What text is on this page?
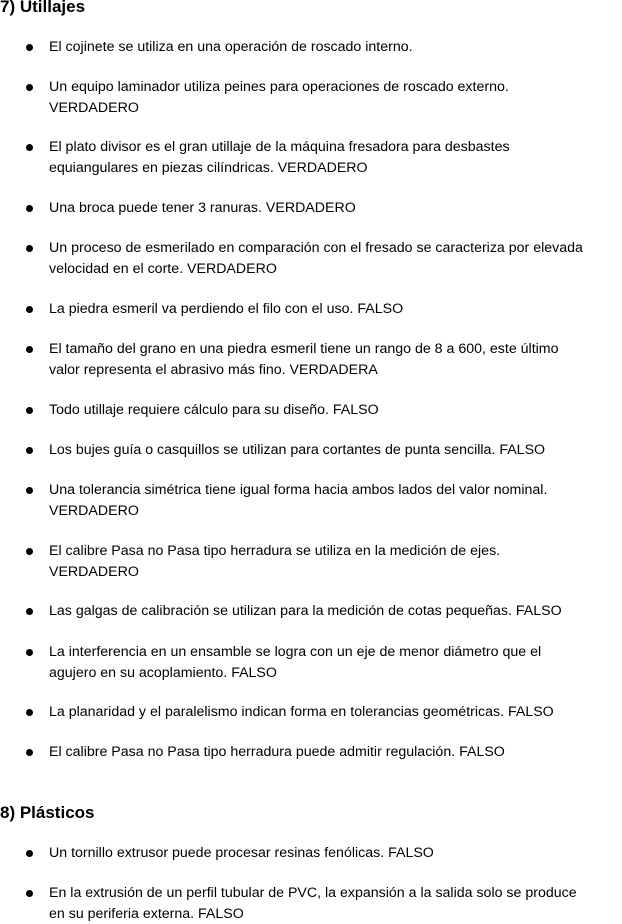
7) Utillajes
El cojinete se utiliza en una operación de roscado interno.
Un equipo laminador utiliza peines para operaciones de roscado externo.
VERDADERO
El plato divisor es el gran utillaje de la máquina fresadora para desbastes
equiangulares en piezas cilíndricas. VERDADERO
Una broca puede tener 3 ranuras. VERDADERO
Un proceso de esmerilado en comparación con el fresado se caracteriza por elevada
velocidad en el corte. VERDADERO
La piedra esmeril va perdiendo el filo con el uso. FALSO
El tamaño del grano en una piedra esmeril tiene un rango de 8 a 600, este último
valor representa el abrasivo más fino. VERDADERA
Todo utillaje requiere cálculo para su diseño. FALSO
Los bujes guía o casquillos se utilizan para cortantes de punta sencilla. FALSO
Una tolerancia simétrica tiene igual forma hacia ambos lados del valor nominal.
VERDADERO
El calibre Pasa no Pasa tipo herradura se utiliza en la medición de ejes.
VERDADERO
Las galgas de calibración se utilizan para la medición de cotas pequeñas. FALSO
La interferencia en un ensamble se logra con un eje de menor diámetro que el
agujero en su acoplamiento. FALSO
La planaridad y el paralelismo indican forma en tolerancias geométricas. FALSO
El calibre Pasa no Pasa tipo herradura puede admitir regulación. FALSO
8) Plásticos
Un tornillo extrusor puede procesar resinas fenólicas. FALSO
En la extrusión de un perfil tubular de PVC, la expansión a la salida solo se produce
en su periferia externa. FALSO
